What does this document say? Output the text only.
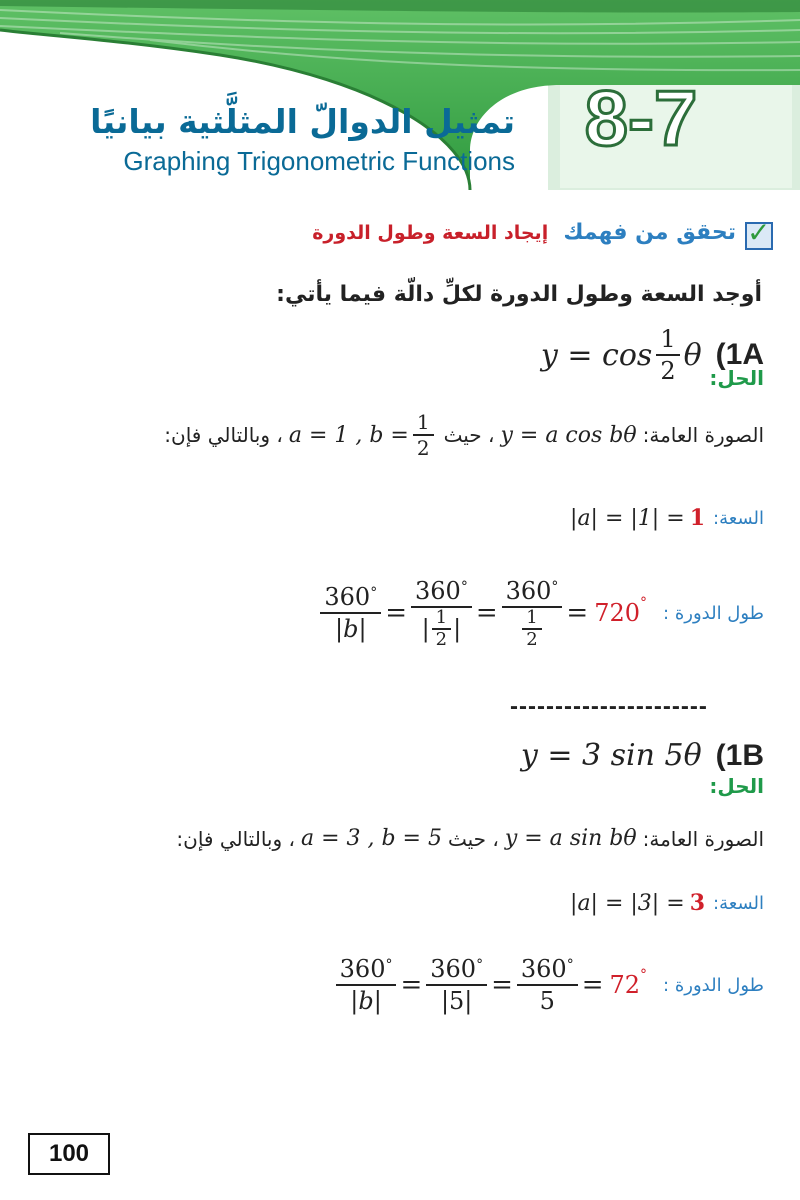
8-7
تمثيل الدوالّ المثلَّثية بيانيًا
Graphing Trigonometric Functions
✓
تحقق من فهمك إيجاد السعة وطول الدورة
أوجد السعة وطول الدورة لكلِّ دالّة فيما يأتي:
$y = \cos \frac{1}{2}$ θ (1A
الحل:
الصورة العامة:
y = a cos bθ
، حيث
a = 1 , $b = \frac{1}{2}$
، وبالتالي فإن:
السعة:
|a| = |1| = 1
$\frac{360^\circ}{|b|} = \frac{360^\circ}{| \frac{1}{2} |} = \frac{360^\circ}{\frac{1}{2}} = 720^\circ$ طول الدورة :
----------------------
y = 3 sin 5θ (1B
الحل:
الصورة العامة:
y = a sin bθ
، حيث
a = 3 , b = 5
، وبالتالي فإن:
السعة:
|a| = |3| = 3
$\frac{360^\circ}{|b|} = \frac{360^\circ}{|5|} = \frac{360^\circ}{5} = 72^\circ$ طول الدورة :
100
